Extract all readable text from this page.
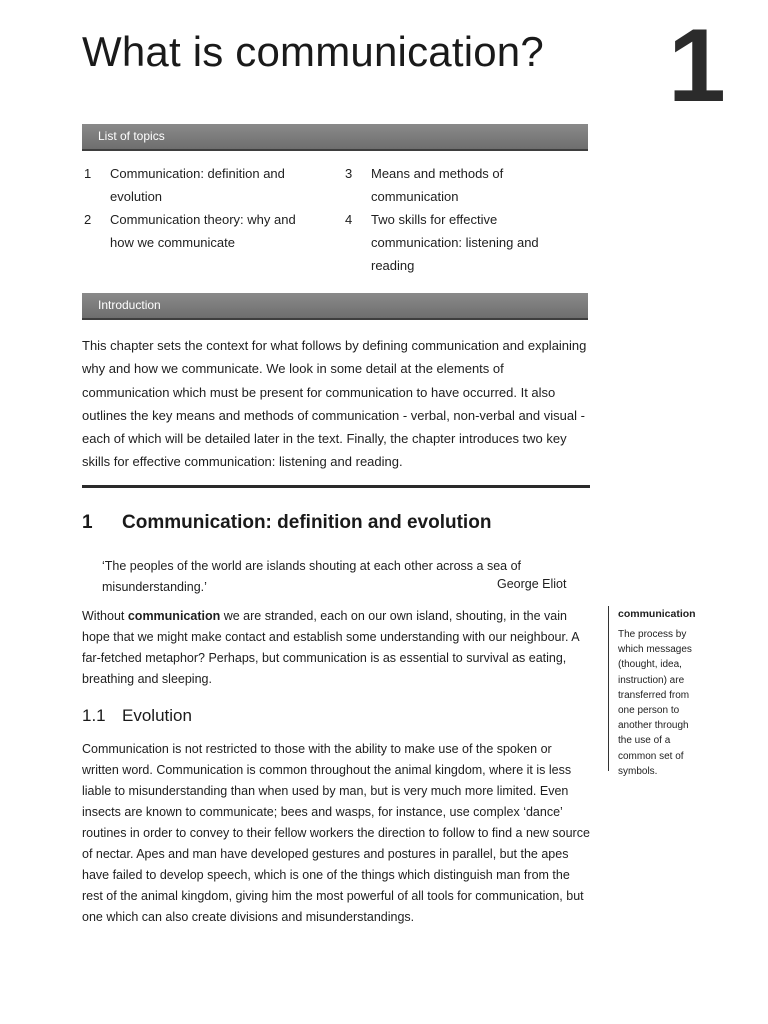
What is communication? 1
List of topics
1	Communication: definition and evolution
2	Communication theory: why and how we communicate
3	Means and methods of communication
4	Two skills for effective communication: listening and reading
Introduction
This chapter sets the context for what follows by defining communication and explaining why and how we communicate. We look in some detail at the elements of communication which must be present for communication to have occurred. It also outlines the key means and methods of communication - verbal, non-verbal and visual - each of which will be detailed later in the text. Finally, the chapter introduces two key skills for effective communication: listening and reading.
1 Communication: definition and evolution
‘The peoples of the world are islands shouting at each other across a sea of misunderstanding.’	George Eliot
Without communication we are stranded, each on our own island, shouting, in the vain hope that we might make contact and establish some understanding with our neighbour. A far-fetched metaphor? Perhaps, but communication is as essential to survival as eating, breathing and sleeping.
1.1 Evolution
Communication is not restricted to those with the ability to make use of the spoken or written word. Communication is common throughout the animal kingdom, where it is less liable to misunderstanding than when used by man, but is very much more limited. Even insects are known to communicate; bees and wasps, for instance, use complex ‘dance’ routines in order to convey to their fellow workers the direction to follow to find a new source of nectar. Apes and man have developed gestures and postures in parallel, but the apes have failed to develop speech, which is one of the things which distinguish man from the rest of the animal kingdom, giving him the most powerful of all tools for communication, but one which can also create divisions and misunderstandings.
communication
The process by which messages (thought, idea, instruction) are transferred from one person to another through the use of a common set of symbols.
